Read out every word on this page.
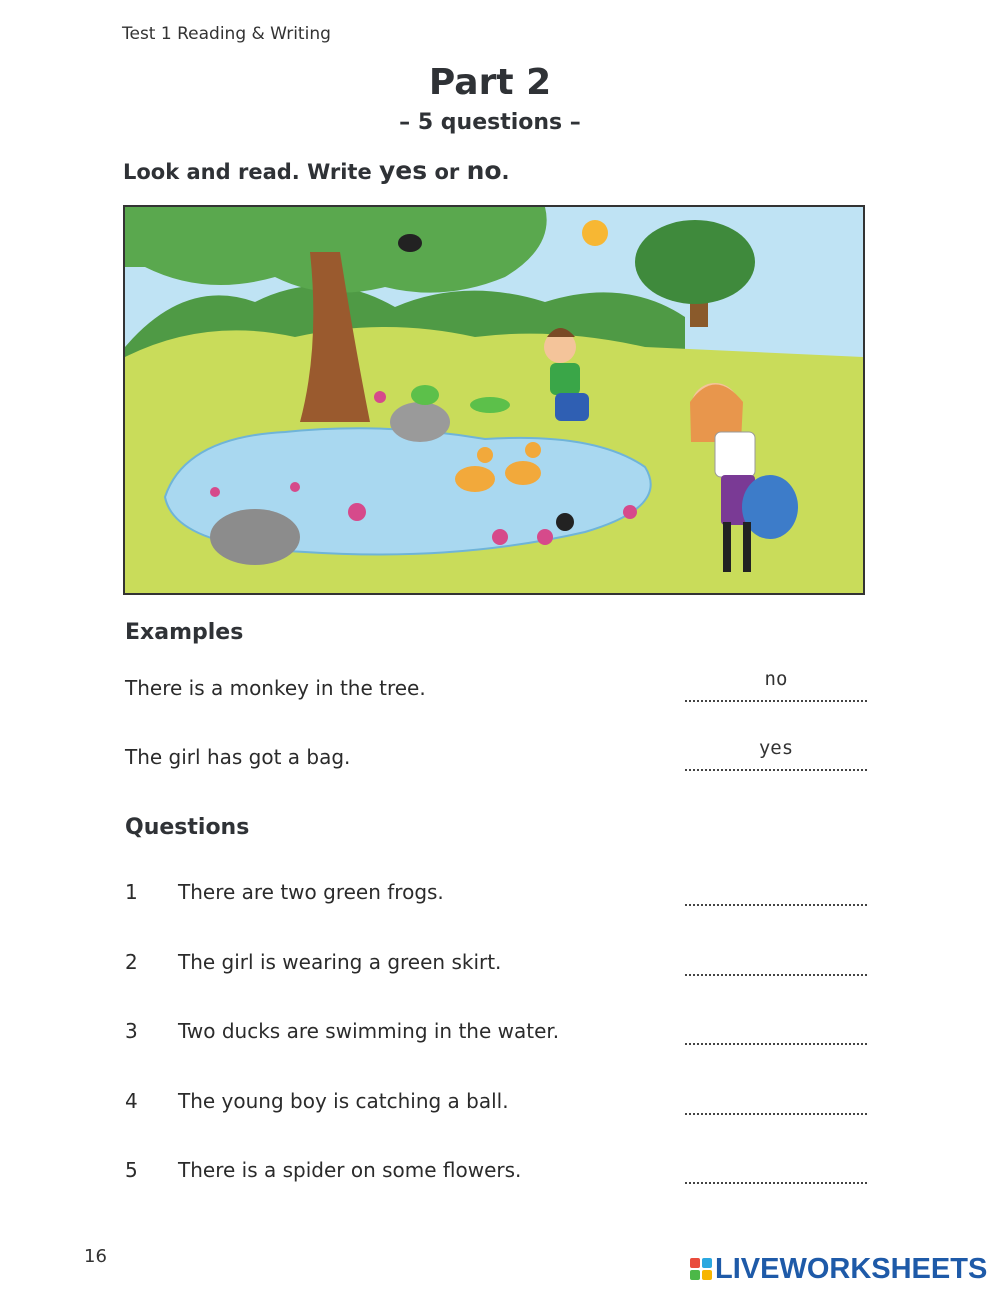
Test 1 Reading & Writing
Part 2
– 5 questions –
Look and read. Write yes or no.
Examples
There is a monkey in the tree.	no
The girl has got a bag.	yes
Questions
1	There are two green frogs.
2	The girl is wearing a green skirt.
3	Two ducks are swimming in the water.
4	The young boy is catching a ball.
5	There is a spider on some flowers.
16	LIVEWORKSHEETS
